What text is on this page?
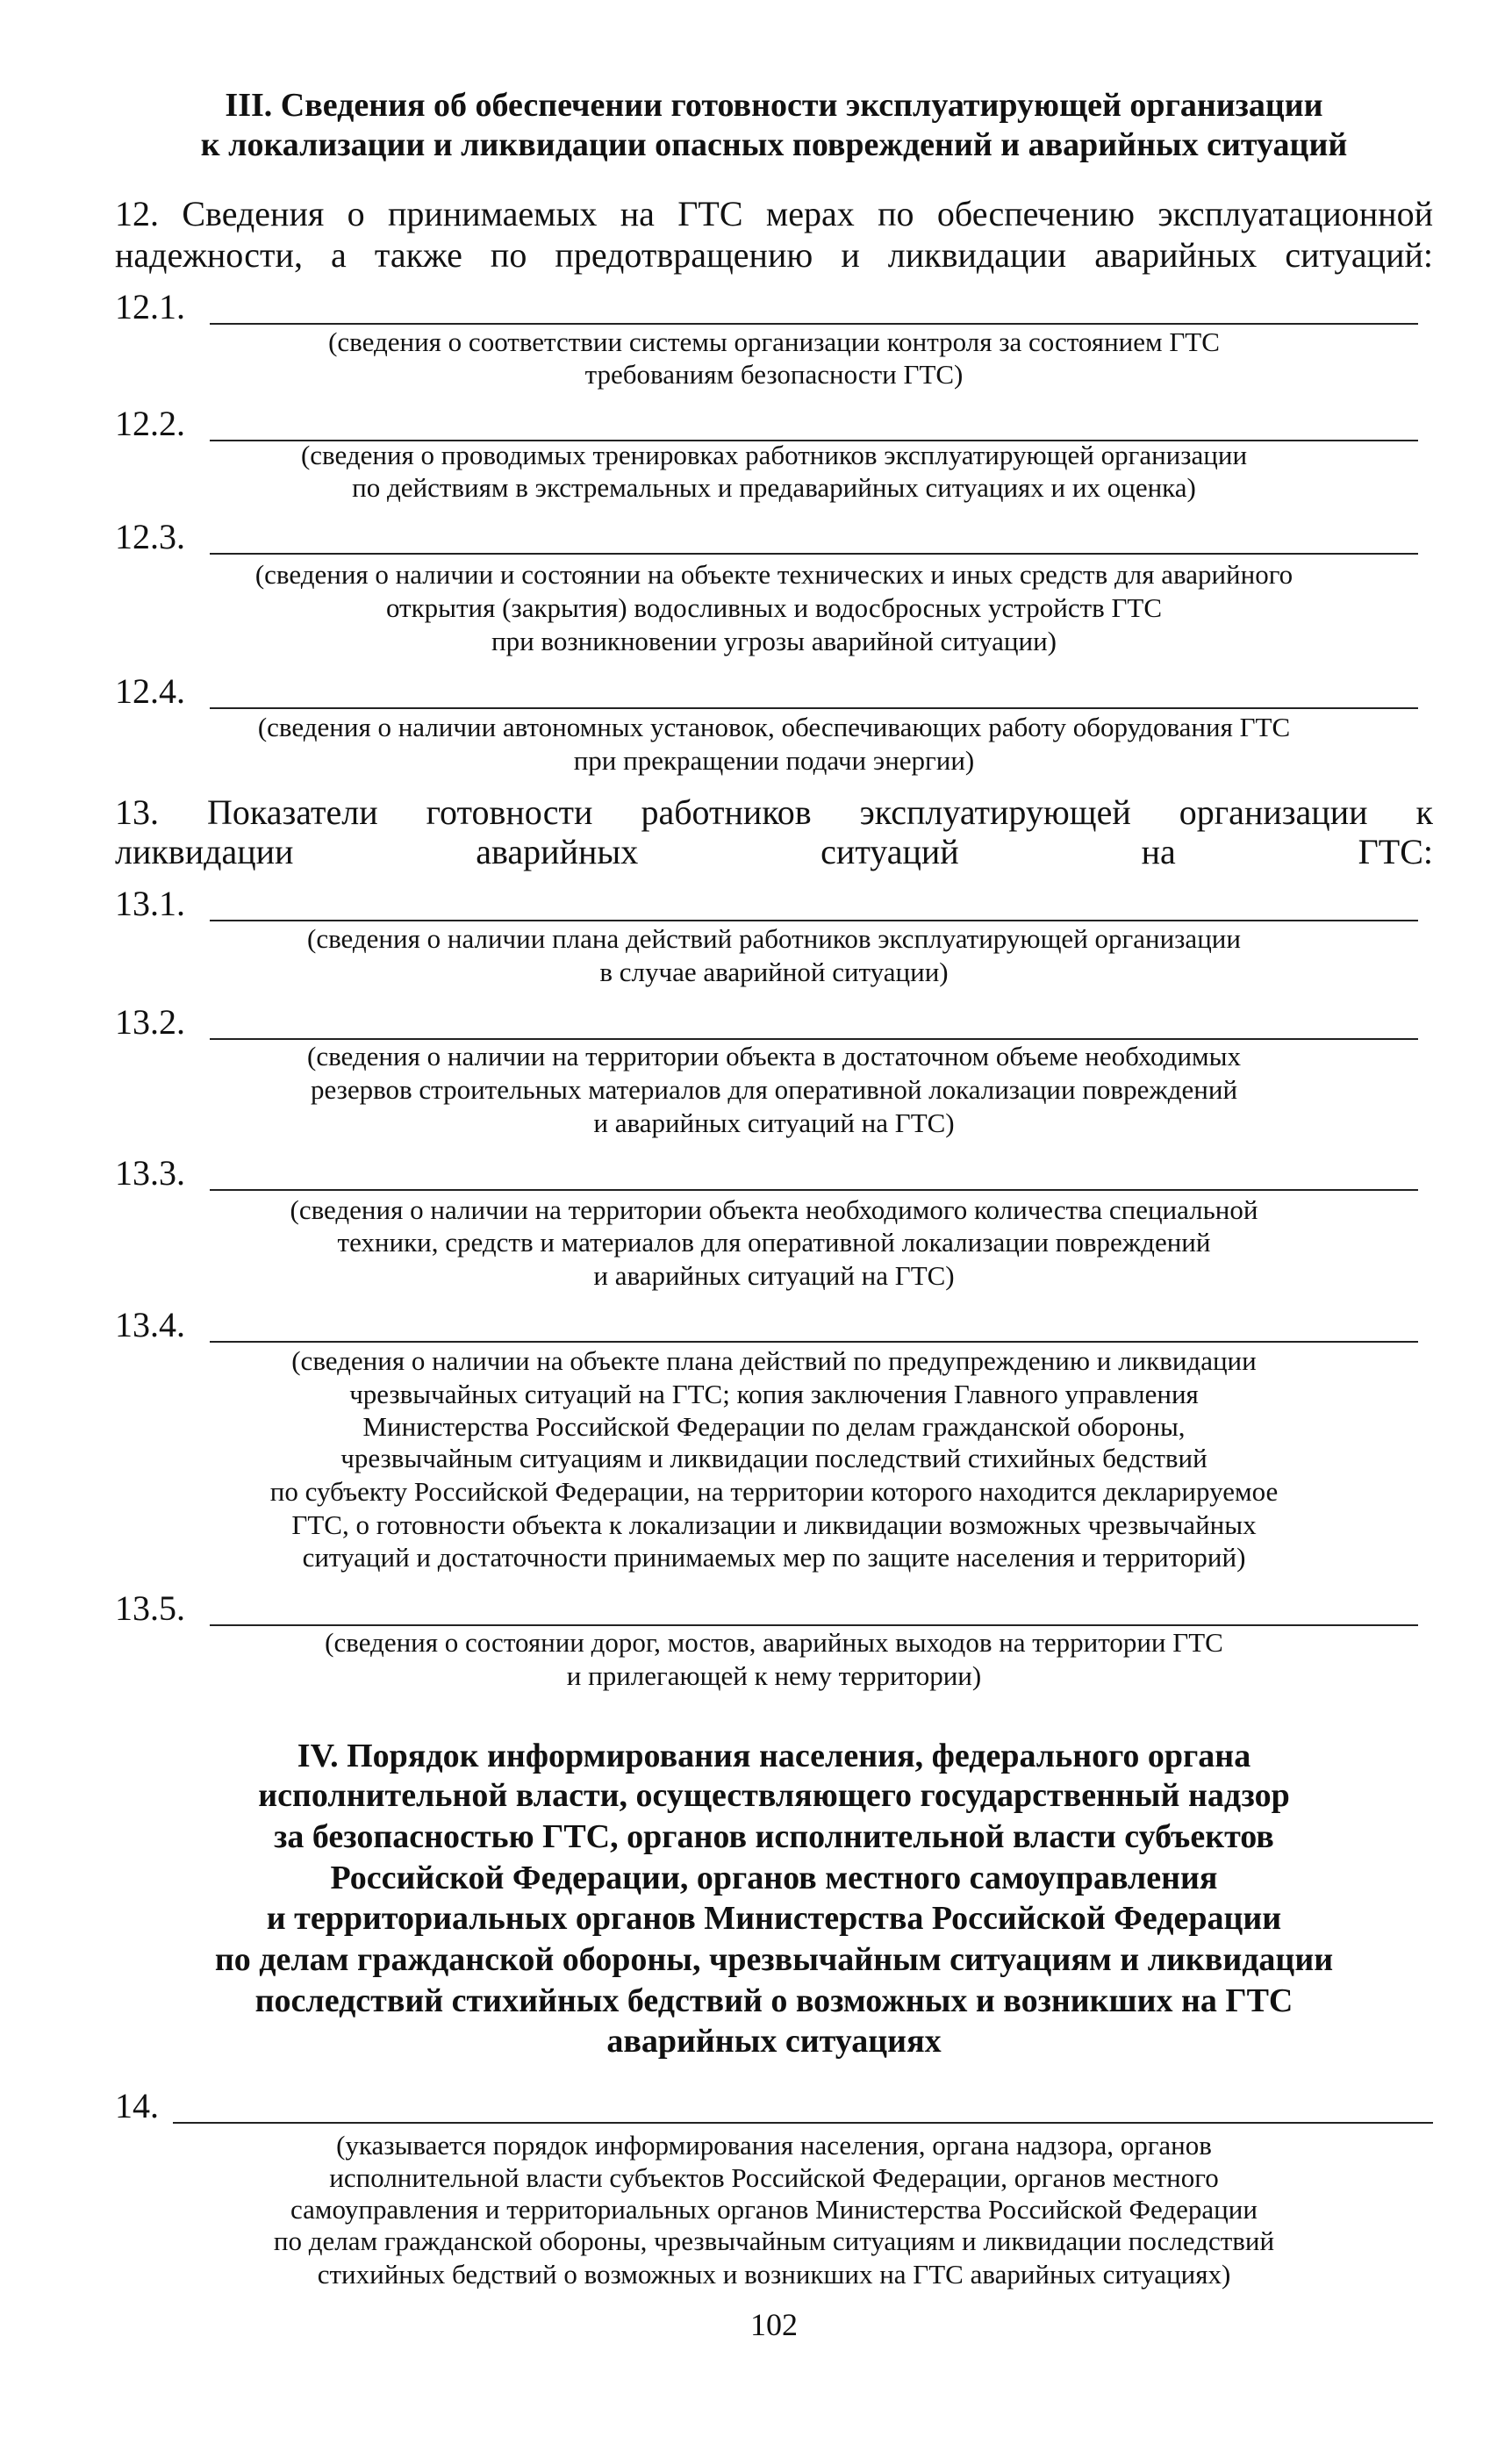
III. Сведения об обеспечении готовности эксплуатирующей организации
к локализации и ликвидации опасных повреждений и аварийных ситуаций
12. Сведения о принимаемых на ГТС мерах по обеспечению эксплуатационной
надежности, а также по предотвращению и ликвидации аварийных ситуаций:
12.1.
(сведения о соответствии системы организации контроля за состоянием ГТС
требованиям безопасности ГТС)
12.2.
(сведения о проводимых тренировках работников эксплуатирующей организации
по действиям в экстремальных и предаварийных ситуациях и их оценка)
12.3.
(сведения о наличии и состоянии на объекте технических и иных средств для аварийного
открытия (закрытия) водосливных и водосбросных устройств ГТС
при возникновении угрозы аварийной ситуации)
12.4.
(сведения о наличии автономных установок, обеспечивающих работу оборудования ГТС
при прекращении подачи энергии)
13. Показатели готовности работников эксплуатирующей организации к
ликвидации аварийных ситуаций на ГТС:
13.1.
(сведения о наличии плана действий работников эксплуатирующей организации
в случае аварийной ситуации)
13.2.
(сведения о наличии на территории объекта в достаточном объеме необходимых
резервов строительных материалов для оперативной локализации повреждений
и аварийных ситуаций на ГТС)
13.3.
(сведения о наличии на территории объекта необходимого количества специальной
техники, средств и материалов для оперативной локализации повреждений
и аварийных ситуаций на ГТС)
13.4.
(сведения о наличии на объекте плана действий по предупреждению и ликвидации
чрезвычайных ситуаций на ГТС; копия заключения Главного управления
Министерства Российской Федерации по делам гражданской обороны,
чрезвычайным ситуациям и ликвидации последствий стихийных бедствий
по субъекту Российской Федерации, на территории которого находится декларируемое
ГТС, о готовности объекта к локализации и ликвидации возможных чрезвычайных
ситуаций и достаточности принимаемых мер по защите населения и территорий)
13.5.
(сведения о состоянии дорог, мостов, аварийных выходов на территории ГТС
и прилегающей к нему территории)
IV. Порядок информирования населения, федерального органа
исполнительной власти, осуществляющего государственный надзор
за безопасностью ГТС, органов исполнительной власти субъектов
Российской Федерации, органов местного самоуправления
и территориальных органов Министерства Российской Федерации
по делам гражданской обороны, чрезвычайным ситуациям и ликвидации
последствий стихийных бедствий о возможных и возникших на ГТС
аварийных ситуациях
14.
(указывается порядок информирования населения, органа надзора, органов
исполнительной власти субъектов Российской Федерации, органов местного
самоуправления и территориальных органов Министерства Российской Федерации
по делам гражданской обороны, чрезвычайным ситуациям и ликвидации последствий
стихийных бедствий о возможных и возникших на ГТС аварийных ситуациях)
102
